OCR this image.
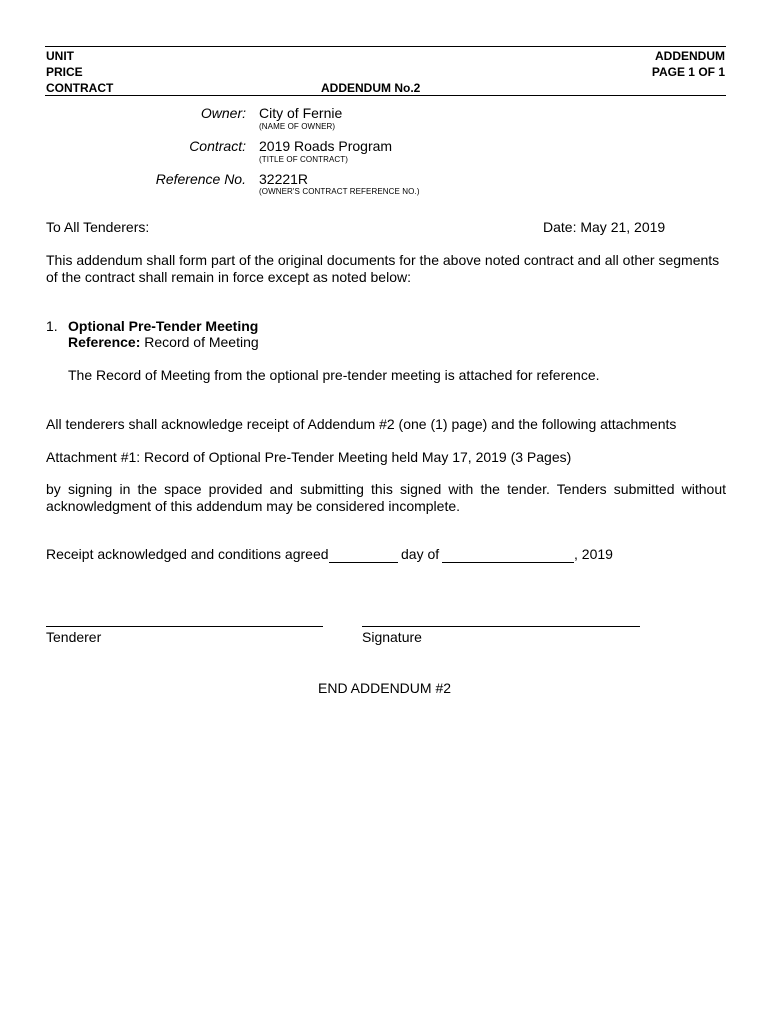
UNIT
PRICE
CONTRACT	ADDENDUM No.2
ADDENDUM
PAGE 1 OF 1
Owner: City of Fernie
(NAME OF OWNER)
Contract: 2019 Roads Program
(TITLE OF CONTRACT)
Reference No. 32221R
(OWNER'S CONTRACT REFERENCE NO.)
To All Tenderers:	Date: May 21, 2019
This addendum shall form part of the original documents for the above noted contract and all other segments of the contract shall remain in force except as noted below:
1. Optional Pre-Tender Meeting
Reference: Record of Meeting
The Record of Meeting from the optional pre-tender meeting is attached for reference.
All tenderers shall acknowledge receipt of Addendum #2 (one (1) page) and the following attachments
Attachment #1: Record of Optional Pre-Tender Meeting held May 17, 2019 (3 Pages)
by signing in the space provided and submitting this signed with the tender. Tenders submitted without acknowledgment of this addendum may be considered incomplete.
Receipt acknowledged and conditions agreed	day of	, 2019
Tenderer	Signature
END ADDENDUM #2
